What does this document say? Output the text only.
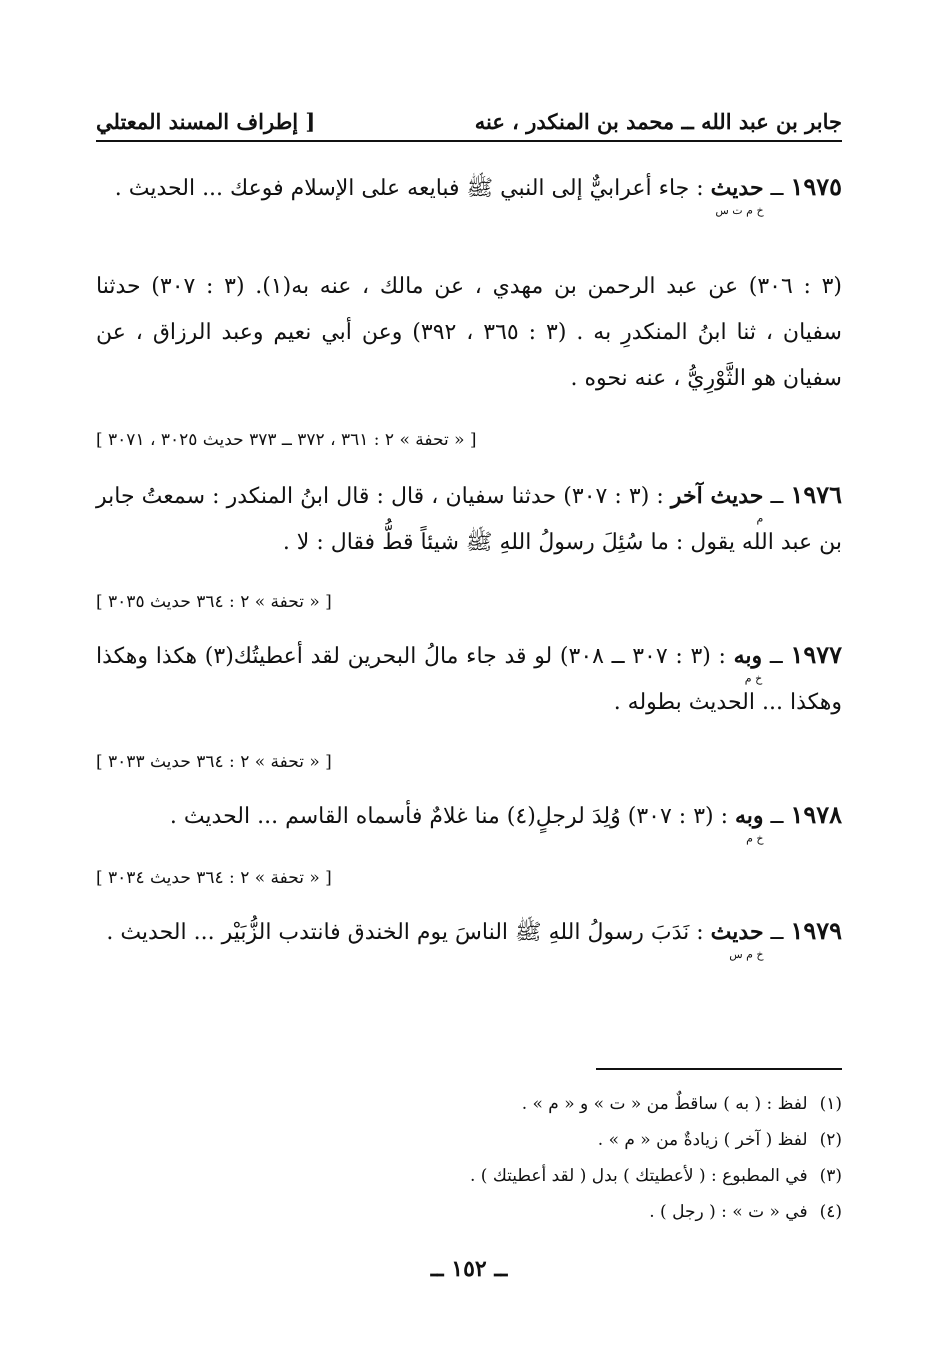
جابر بن عبد الله ــ محمد بن المنكدر ، عنه
[ إطراف المسند المعتلي
١٩٧٥ ــ حديث
خ م ت س
: جاء أعرابيٌّ إلى النبي ﷺ فبايعه على الإسلام فوعك ... الحديث .
(٣ : ٣٠٦) عن عبد الرحمن بن مهدي ، عن مالك ، عنه به(١). (٣ : ٣٠٧) حدثنا سفيان ، ثنا ابنُ المنكدرِ به . (٣ : ٣٦٥ ، ٣٩٢) وعن أبي نعيم وعبد الرزاق ، عن سفيان هو الثَّوْرِيُّ ، عنه نحوه .
[ « تحفة » ٢ : ٣٦١ ، ٣٧٢ ــ ٣٧٣ حديث ٣٠٢٥ ، ٣٠٧١ ]
١٩٧٦ ــ حديث آخر
م
: (٣ : ٣٠٧) حدثنا سفيان ، قال : قال ابنُ المنكدر : سمعتُ جابر بن عبد الله يقول : ما سُئِلَ رسولُ اللهِ ﷺ شيئاً قطُّ فقال : لا .
[ « تحفة » ٢ : ٣٦٤ حديث ٣٠٣٥ ]
١٩٧٧ ــ وبه
خ م
: (٣ : ٣٠٧ ــ ٣٠٨) لو قد جاء مالُ البحرين لقد أعطيتُك(٣) هكذا وهكذا وهكذا ... الحديث بطوله .
[ « تحفة » ٢ : ٣٦٤ حديث ٣٠٣٣ ]
١٩٧٨ ــ وبه
خ م
: (٣ : ٣٠٧) وُلِدَ لرجلٍ(٤) منا غلامٌ فأسماه القاسم ... الحديث .
[ « تحفة » ٢ : ٣٦٤ حديث ٣٠٣٤ ]
١٩٧٩ ــ حديث
خ م س
: نَدَبَ رسولُ اللهِ ﷺ الناسَ يوم الخندق فانتدب الزُّبَيْر ... الحديث .
(١)
لفظ : ( به ) ساقطٌ من « ت » و « م » .
(٢)
لفظ ( آخر ) زيادةٌ من « م » .
(٣)
في المطبوع : ( لأعطيتك ) بدل ( لقد أعطيتك ) .
(٤)
في « ت » : ( رجل ) .
ــ ١٥٢ ــ
